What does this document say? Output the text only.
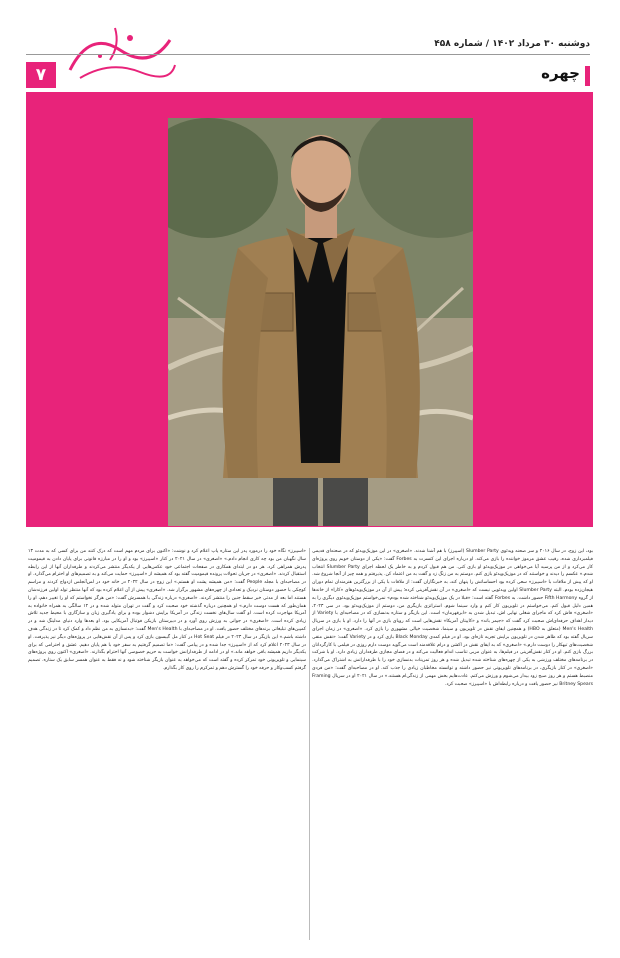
۷
دوشنبه ۳۰ مرداد ۱۴۰۲ / شماره ۴۵۸
چهره
بود، این زوج، در سال ۲۰۱۶ و سر صحنه ویدئوی Slumber Party (اسپیرز) با هم آشنا شدند. «اصغری» در این موزیک‌ویدئو که در صحنه‌ای قدیمی فیلمبرداری شده، رقیب عشق مرموز خواننده را بازی می‌کند. او درباره اجرای این کنسرت به Forbes گفت: «یکی از دوستان خوبم روی پروژه‌ای کار می‌کرد و از من پرسید آیا می‌خواهی در موزیک‌ویدئو او بازی کنی. من هم قبول کردم و به خاطر یک لحظه اجرای Slumber Party انتخاب شدم.» عکسم را دیدند و خواستند که در موزیک‌ویدئو بازی کنم. دوستم به من زنگ زد و گفت به من اعتماد کن. پذیرفتم و همه چیز از آنجا شروع شد. او که پیش از ملاقات با «اسپیرز» سعی کرده بود احساساتش را پنهان کند، به خبرنگاران گفت: از ملاقات با یکی از بزرگترین هنرمندان تمام دوران هیجان‌زده بودم. البته Slumber Party اولین ویدئویی نیست که «اصغری» در آن نقش‌آفرینی کرده؛ پیش از آن در موزیک‌ویدئوهای «کارا» از خانه‌ها از گروه Fifth Harmony حضور داشت. به Forbes گفته است: «قبلا در یک موزیک‌ویدئو شناخته شده بودم» نمی‌خواستم موزیک‌ویدئوی دیگری را به همین دلیل قبول کنم. می‌خواستم در تلویزیون کار کنم و وارد سینما شوم. استراتژی بازیگری من، دوستم از موزیک‌ویدئو بود. در سی ۲۰۲۳، «اصغری» فاش کرد که ماجرای شغلی نهایی اش، تبدیل شدن به «ابرقهرمان» است. این بازیگر و ستاره بدنسازی که در مصاحبه‌ای با Variety از دیدار اهداف حرفه‌ای‌اش صحبت کرد گفت که «جیمز باند» و «کاپیتان آمریکا» نقش‌هایی است که رویای بازی در آنها را دارد. او با بازی در سریال Men's Health (متعلق به HBO) و همچنین ایفای نقش در تلویزیون و سینما، شخصیت خیالی مشهوری را بازی کرد. «اصغری» در زمان اجرای سریال گفته بود که ظاهر شدن در تلویزیون برایش تجربه تازه‌ای بود. او در فیلم کمدی Black Monday بازی کرد و در Variety گفت: «نقش منفی شخصیت‌های تبهکار را دوست دارم.» «اصغری» که به ایفای نقش در اکشن و درام علاقه‌مند است می‌گوید دوست دارم روزی در فیلمی با کارگردانان بزرگ بازی کنم. او در کنار نقش‌آفرینی در فیلم‌ها، به عنوان مربی تناسب اندام فعالیت می‌کند و در فضای مجازی طرفداران زیادی دارد. او با شرکت در برنامه‌های مختلف ورزشی به یکی از چهره‌های شناخته شده تبدیل شده و هر روز تمرینات بدنسازی خود را با طرفدارانش به اشتراک می‌گذارد. «اصغری» در کنار بازیگری، در برنامه‌های تلویزیونی نیز حضور داشته و توانسته مخاطبان زیادی را جذب کند. او در مصاحبه‌ای گفت: «من فردی منضبط هستم و هر روز صبح زود بیدار می‌شوم و ورزش می‌کنم. عادت‌هایم بخش مهمی از زندگی‌ام هستند.» در سال ۲۰۲۱ او در سریال Framing Britney Spears نیز حضور یافت و درباره رابطه‌اش با «اسپیرز» صحبت کرد.
«اسپیرز» نگاه خود را درمورد پدر این ستاره پاپ اعلام کرد و نوشت: «اکنون برای مردم مهم است که درک کنند من برای کسی که به مدت ۱۳ سال نگهبان من بود چه کاری انجام دادم.» «اصغری» در سال ۲۰۲۱ در کنار «اسپیرز» بود و او را در مبارزه قانونی برای پایان دادن به قیمومیت پدرش همراهی کرد. هر دو در ابتدای همکاری در صفحات اجتماعی خود عکس‌هایی از یکدیگر منتشر می‌کردند و طرفداران آنها از این رابطه استقبال کردند. «اصغری» در جریان تحولات پرونده قیمومیت گفته بود که همیشه از «اسپیرز» حمایت می‌کند و به تصمیم‌های او احترام می‌گذارد. او در مصاحبه‌ای با مجله People گفت: «من همیشه پشت او هستم.» این زوج در سال ۲۰۲۲ در خانه خود در لس‌آنجلس ازدواج کردند و مراسم کوچکی با حضور دوستان نزدیک و تعدادی از چهره‌های مشهور برگزار شد. «اصغری» پیش از آن اعلام کرده بود که آنها منتظر تولد اولین فرزندشان هستند اما بعد از مدتی خبر سقط جنین را منتشر کردند. «اصغری» درباره زندگی با همسرش گفت: «من هرگز نخواستم که او را تغییر دهم، او را همان‌طور که هست دوست دارم.» او همچنین درباره گذشته خود صحبت کرد و گفت در تهران متولد شده و در ۱۲ سالگی به همراه خانواده به آمریکا مهاجرت کرده است. او گفت سال‌های نخست زندگی در آمریکا برایش دشوار بوده و برای یادگیری زبان و سازگاری با محیط جدید تلاش زیادی کرده است. «اصغری» در جوانی به ورزش روی آورد و در دبیرستان بازیکن فوتبال آمریکایی بود. او بعدها وارد دنیای مدلینگ شد و در کمپین‌های تبلیغاتی برندهای مختلف حضور یافت. او در مصاحبه‌ای با Men's Health گفت: «بدنسازی به من نظم داد و کمک کرد تا در زندگی هدف داشته باشم.» این بازیگر در سال ۲۰۲۳ در فیلم Hot Seat در کنار مل گیبسون بازی کرد و پس از آن نقش‌هایی در پروژه‌های دیگر نیز پذیرفت. او در سال ۲۰۲۳ اعلام کرد که از «اسپیرز» جدا شده و در پیامی گفت: «ما تصمیم گرفتیم به سفر خود با هم پایان دهیم. عشق و احترامی که برای یکدیگر داریم همیشه باقی خواهد ماند.» او در ادامه از طرفدارانش خواست به حریم خصوصی آنها احترام بگذارند. «اصغری» اکنون روی پروژه‌های سینمایی و تلویزیونی خود تمرکز کرده و گفته است که می‌خواهد به عنوان بازیگر شناخته شود و نه فقط به عنوان همسر سابق یک ستاره. تصمیم گرفتم کسب‌وکار و حرفه خود را گسترش دهم و تمرکزم را روی کار بگذارم.
